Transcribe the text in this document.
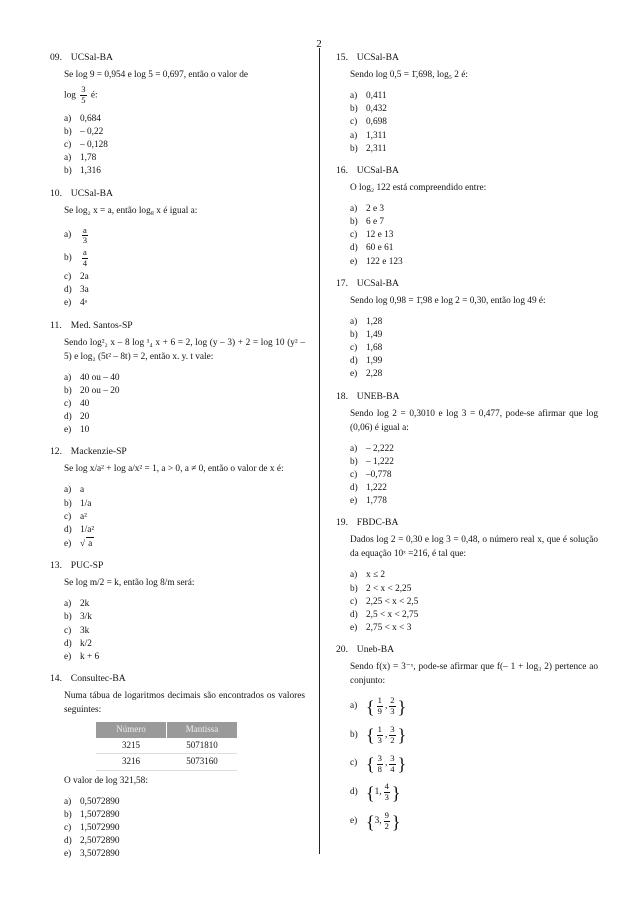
2
09.
UCSal-BA
Se log 9 = 0,954 e log 5 = 0,697, então o valor de
$\log \frac{3}{5}$ é:
a) 0,684
b) – 0,22
c) – 0,128
a) 1,78
b) 1,316
10.
UCSal-BA
Se log₂ x = a, então log₈ x é igual a:
a)	$\frac{a}{3}$
b)	$\frac{a}{4}$
c) 2a
d) 3a
e) 4ᵃ
11.
Med. Santos-SP
Sendo log²₂ x – 8 log ¹₄ x + 6 = 2, log (y – 3) + 2 = log 10 (y² – 5) e log₂ (5t² – 8t) = 2, então x. y. t vale:
a) 40 ou – 40
b) 20 ou – 20
c) 40
d) 20
e) 10
12.
Mackenzie-SP
Se log x/a² + log a/x² = 1, a > 0, a ≠ 0, então o valor de x é:
a) a
b) 1/a
c) a²
d) 1/a²
e) √ a
13.
PUC-SP
Se log m/2 = k, então log 8/m será:
a) 2k
b) 3/k
c) 3k
d) k/2
e) k + 6
14.
Consultec-BA
Numa tábua de logaritmos decimais são encontrados os valores seguintes:
Número	Mantissa
3215	5071810
3216	5073160
O valor de log 321,58:
a) 0,5072890
b) 1,5072890
c) 1,5072990
d) 2,5072890
e) 3,5072890
15.
UCSal-BA
Sendo log 0,5 = 1̄,698, log₅ 2 é:
a) 0,411
b) 0,432
c) 0,698
a) 1,311
b) 2,311
16.
UCSal-BA
O log₂ 122 está compreendido entre:
a) 2 e 3
b) 6 e 7
c) 12 e 13
d) 60 e 61
e) 122 e 123
17.
UCSal-BA
Sendo log 0,98 = 1̄,98 e log 2 = 0,30, então log 49 é:
a) 1,28
b) 1,49
c) 1,68
d) 1,99
e) 2,28
18.
UNEB-BA
Sendo log 2 = 0,3010 e log 3 = 0,477, pode-se afirmar que log (0,06) é igual a:
a) – 2,222
b) – 1,222
c) –0,778
d) 1,222
e) 1,778
19.
FBDC-BA
Dados log 2 = 0,30 e log 3 = 0,48, o número real x, que é solução da equação 10ˣ =216, é tal que:
a) x ≤ 2
b) 2 < x < 2,25
c) 2,25 < x < 2,5
d) 2,5 < x < 2,75
e) 2,75 < x < 3
20.
Uneb-BA
Sendo f(x) = 3⁻ˣ, pode-se afirmar que f(– 1 + log₃ 2) pertence ao conjunto:
a) { $\frac{1}{9}$ , $\frac{2}{3}$ }
b) { $\frac{1}{3}$ , $\frac{3}{2}$ }
c) { $\frac{3}{8}$ , $\frac{3}{4}$ }
d) { 1, $\frac{4}{3}$ }
e) { 3, $\frac{9}{2}$ }
